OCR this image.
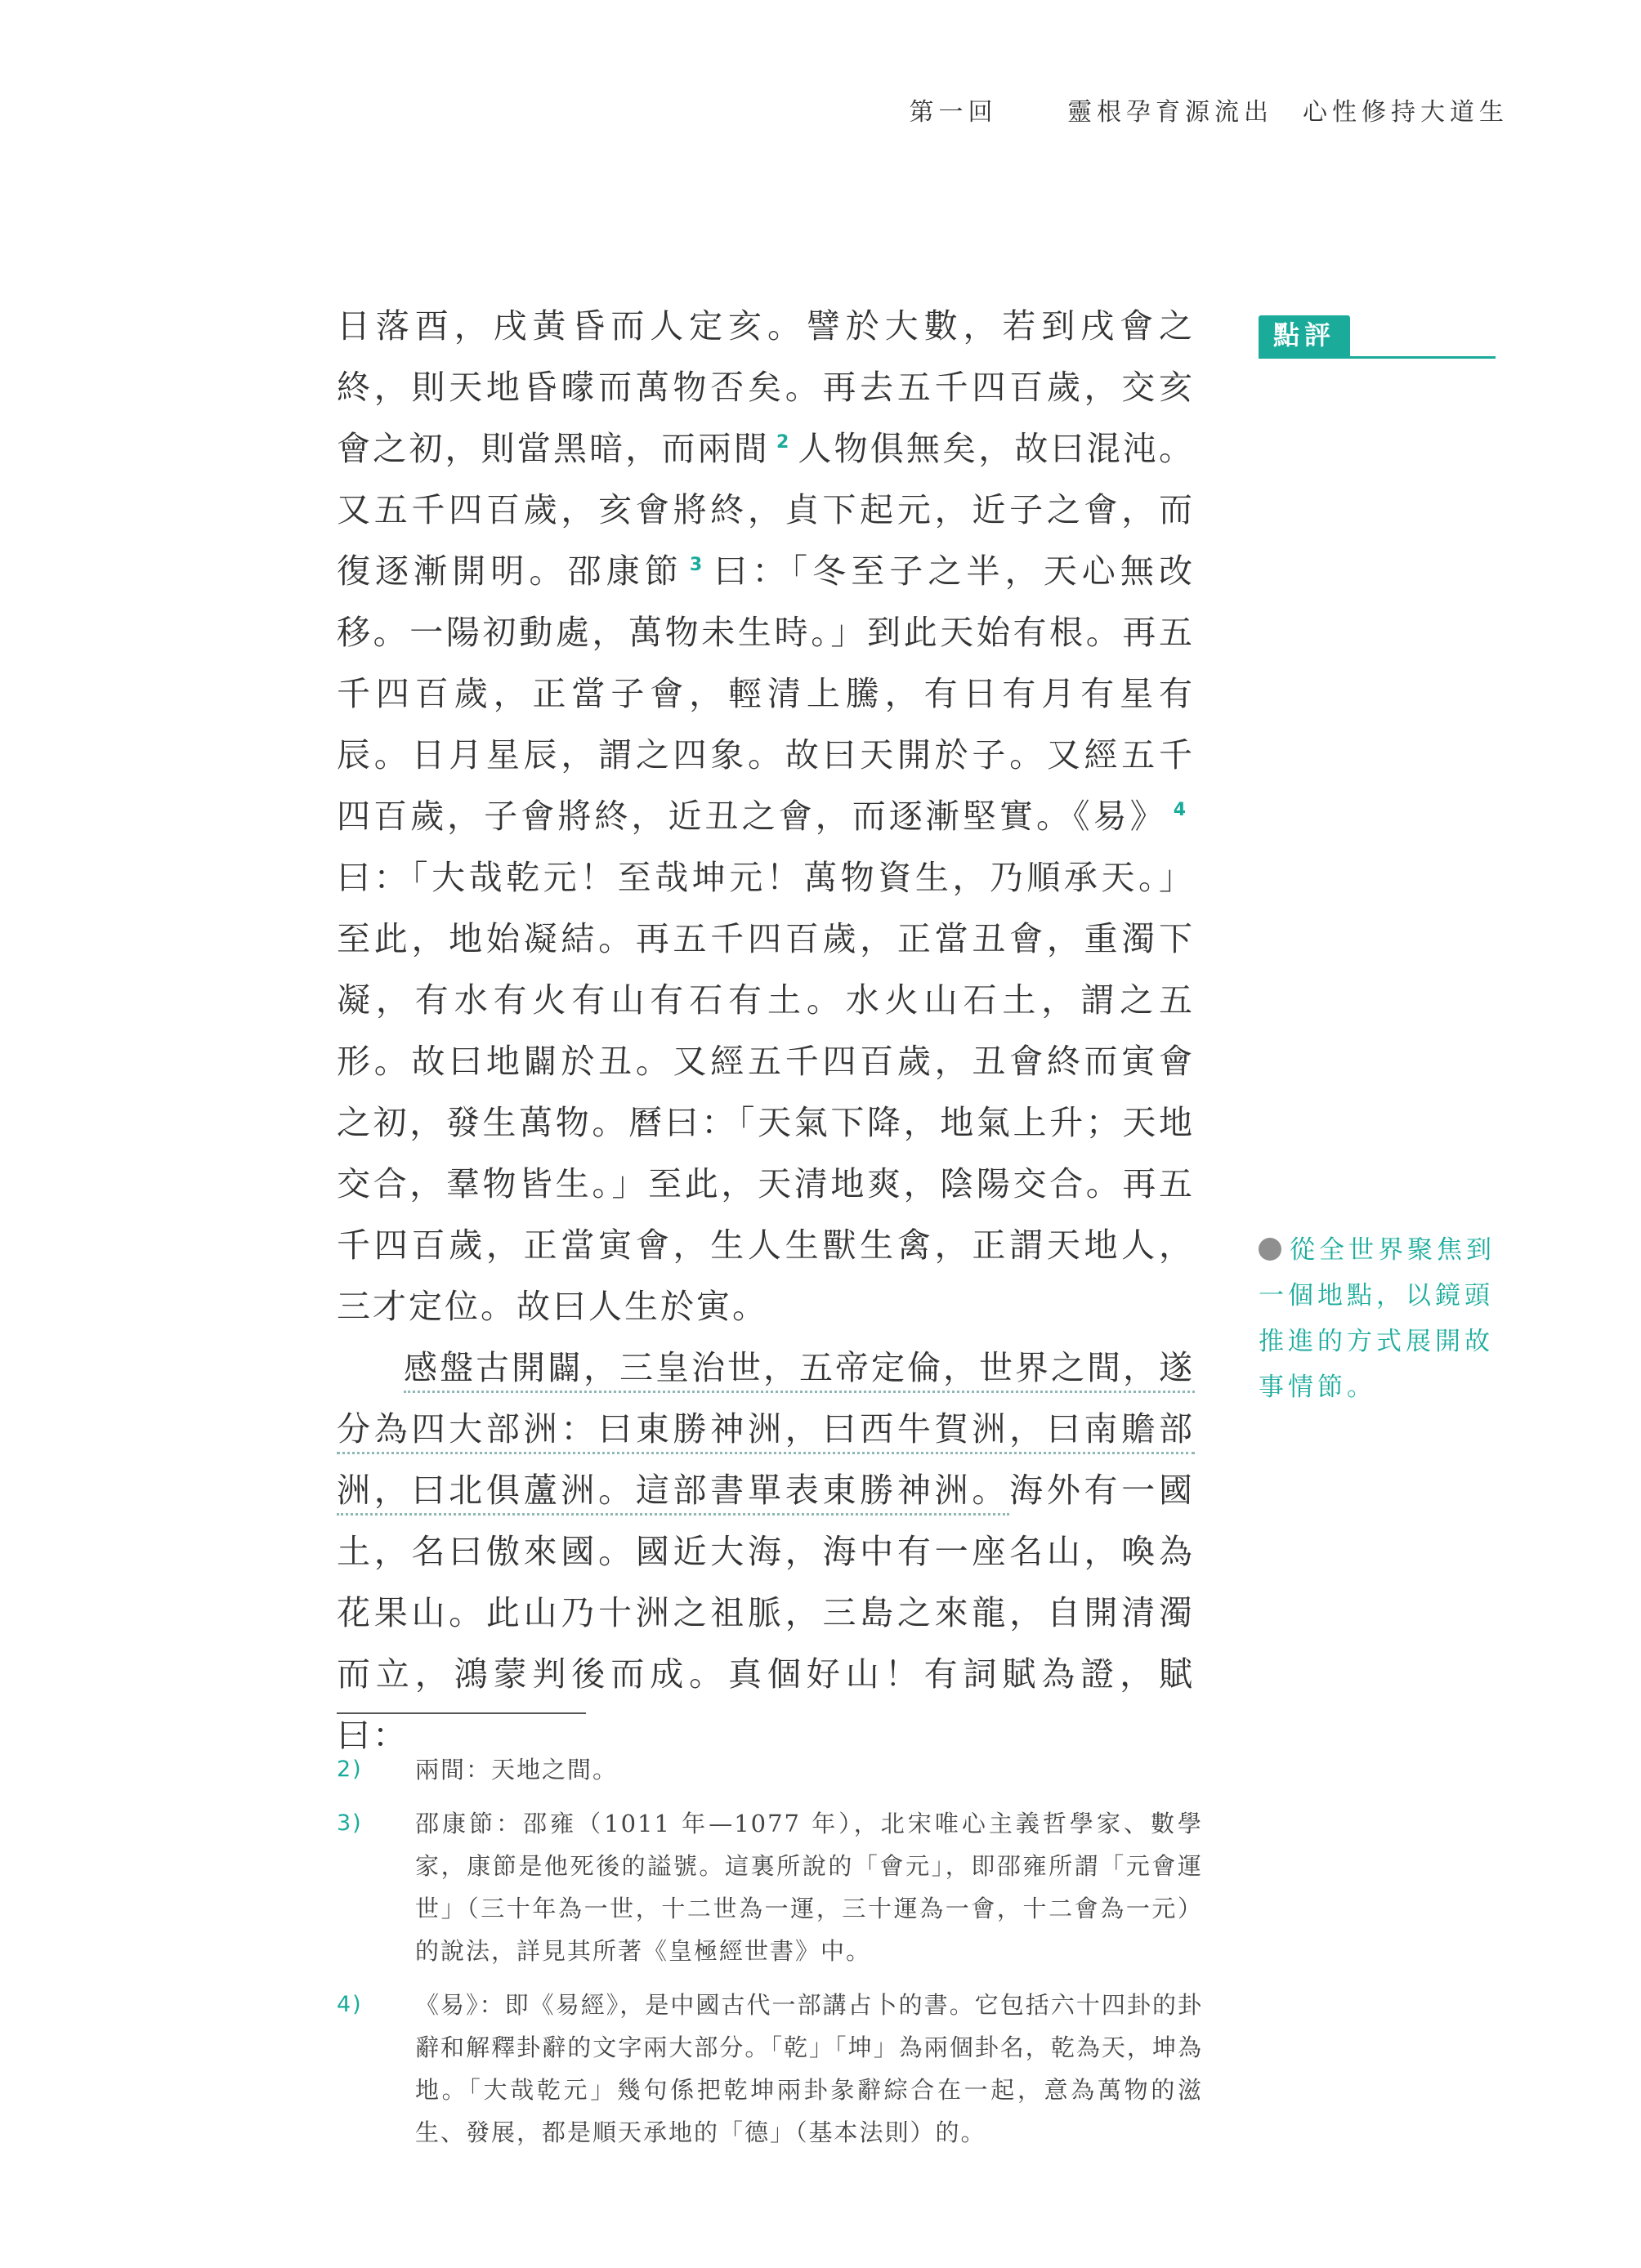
第一回	靈根孕育源流出　心性修持大道生

日落酉，戌黃昏而人定亥。譬於大數，若到戌會之終，則天地昏曚而萬物否矣。再去五千四百歲，交亥會之初，則當黑暗，而兩間 $^2$ 人物俱無矣，故曰混沌。又五千四百歲，亥會將終，貞下起元，近子之會，而復逐漸開明。邵康節 $^3$ 曰：「冬至子之半，天心無改移。一陽初動處，萬物未生時。」到此天始有根。再五千四百歲，正當子會，輕清上騰，有日有月有星有辰。日月星辰，謂之四象。故曰天開於子。又經五千四百歲，子會將終，近丑之會，而逐漸堅實。《易》 $^4$曰：「大哉乾元！至哉坤元！萬物資生，乃順承天。」至此，地始凝結。再五千四百歲，正當丑會，重濁下凝，有水有火有山有石有土。水火山石土，謂之五形。故曰地闢於丑。又經五千四百歲，丑會終而寅會之初，發生萬物。曆曰：「天氣下降，地氣上升；天地交合，羣物皆生。」至此，天清地爽，陰陽交合。再五千四百歲，正當寅會，生人生獸生禽，正謂天地人，三才定位。故曰人生於寅。

感盤古開闢，三皇治世，五帝定倫，世界之間，遂分為四大部洲：曰東勝神洲，曰西牛賀洲，曰南贍部洲，曰北俱蘆洲。這部書單表東勝神洲。海外有一國土，名曰傲來國。國近大海，海中有一座名山，喚為花果山。此山乃十洲之祖脈，三島之來龍，自開清濁而立，鴻蒙判後而成。真個好山！有詞賦為證，賦曰：

點評
從全世界聚焦到一個地點，以鏡頭推進的方式展開故事情節。
2)	兩間：天地之間。
3)	邵康節：邵雍（1011 年—1077 年），北宋唯心主義哲學家、數學家，康節是他死後的謚號。這裏所說的「會元」，即邵雍所謂「元會運世」（三十年為一世，十二世為一運，三十運為一會，十二會為一元）的說法，詳見其所著《皇極經世書》中。
4)	《易》：即《易經》，是中國古代一部講占卜的書。它包括六十四卦的卦辭和解釋卦辭的文字兩大部分。「乾」「坤」為兩個卦名，乾為天，坤為地。「大哉乾元」幾句係把乾坤兩卦彖辭綜合在一起，意為萬物的滋生、發展，都是順天承地的「德」（基本法則）的。
